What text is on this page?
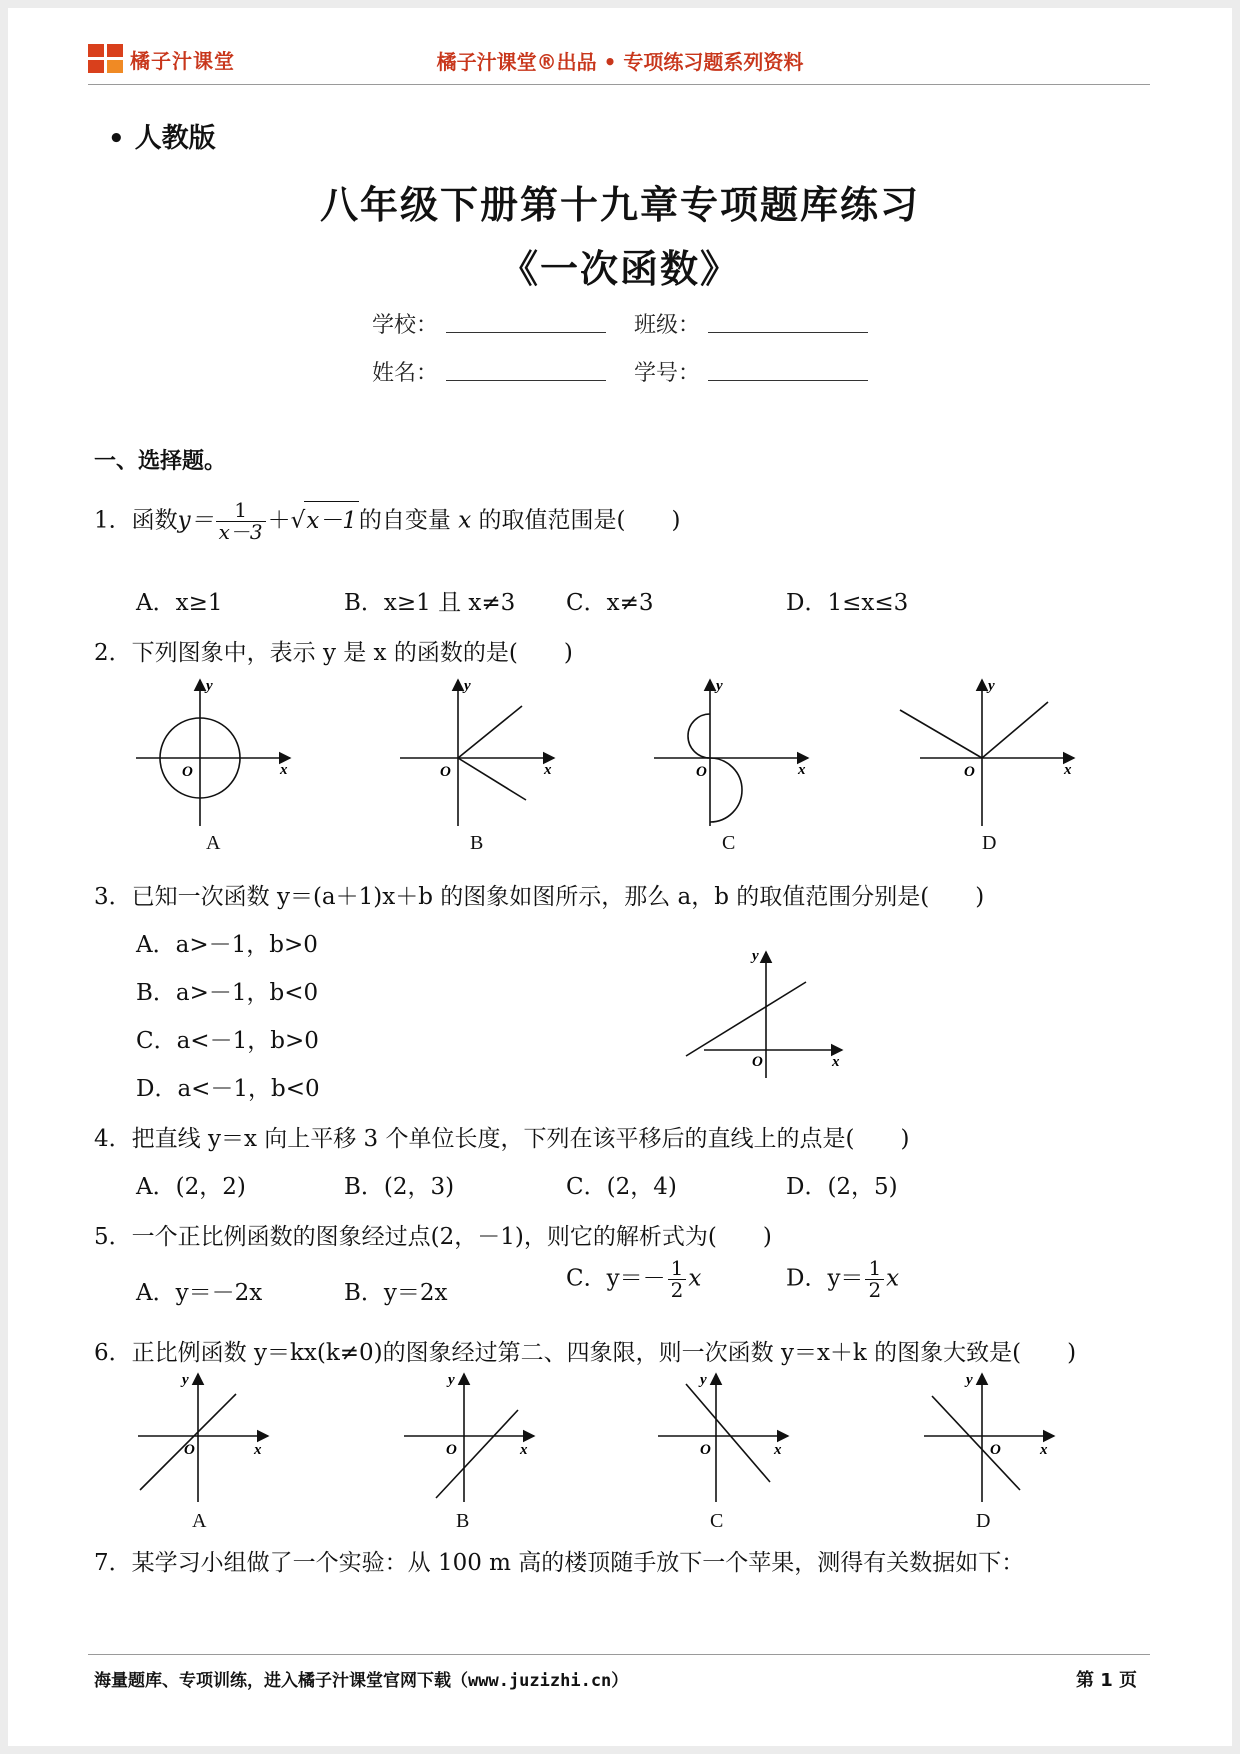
橘子汁课堂	橘子汁课堂®出品 • 专项练习题系列资料
• 人教版
八年级下册第十九章专项题库练习
《一次函数》
学校：	班级：
姓名：	学号：
一、选择题。
1．函数$y= \frac{1}{x-3} +√x-1$的自变量 x 的取值范围是(　　)
A．x≥1	B．x≥1 且 x≠3 C．x≠3	D．1≤x≤3
2．下列图象中，表示 y 是 x 的函数的是(　　)
O	x
y
O	x
y
O	x
y
O	x
y
A	B	C	D
3．已知一次函数 y＝(a＋1)x＋b 的图象如图所示，那么 a，b 的取值范围分别是(　　)
A．a>－1，b>0
B．a>－1，b<0
C．a<－1，b>0
D．a<－1，b<0
O	x
y
4．把直线 y＝x 向上平移 3 个单位长度，下列在该平移后的直线上的点是(　　)
A．(2，2)	B．(2，3)	C．(2，4)	D．(2，5)
5．一个正比例函数的图象经过点(2，－1)，则它的解析式为(　　)
A．y＝－2x	B．y＝2x
C．$y=- \frac{1}{2}$ x	D．$y= \frac{1}{2}$ x
6．正比例函数 y＝kx(k≠0)的图象经过第二、四象限，则一次函数 y＝x＋k 的图象大致是(　　)
O	x
y
O	x
y
O	x
y
O	x
y
A	B	C	D
7．某学习小组做了一个实验：从 100 m 高的楼顶随手放下一个苹果，测得有关数据如下：
海量题库、专项训练，进入橘子汁课堂官网下载（www.juzizhi.cn）	第 1 页
